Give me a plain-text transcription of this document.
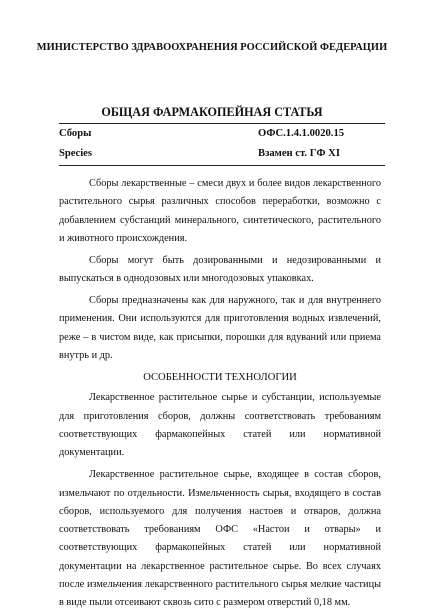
МИНИСТЕРСТВО ЗДРАВООХРАНЕНИЯ РОССИЙСКОЙ ФЕДЕРАЦИИ
ОБЩАЯ ФАРМАКОПЕЙНАЯ СТАТЬЯ
Сборы	ОФС.1.4.1.0020.15
Species	Взамен ст. ГФ XI

Сборы лекарственные – смеси двух и более видов лекарственного растительного сырья различных способов переработки, возможно с добавлением субстанций минерального, синтетического, растительного и животного происхождения.

Сборы могут быть дозированными и недозированными и выпускаться в однодозовых или многодозовых упаковках.

Сборы предназначены как для наружного, так и для внутреннего применения. Они используются для приготовления водных извлечений, реже – в чистом виде, как присыпки, порошки для вдуваний или приема внутрь и др.

ОСОБЕННОСТИ ТЕХНОЛОГИИ

Лекарственное растительное сырье и субстанции, используемые для приготовления сборов, должны соответствовать требованиям соответствующих фармакопейных статей или нормативной документации.

Лекарственное растительное сырье, входящее в состав сборов, измельчают по отдельности. Измельченность сырья, входящего в состав сборов, используемого для получения настоев и отваров, должна соответствовать требованиям ОФС «Настои и отвары» и соответствующих фармакопейных статей или нормативной документации на лекарственное растительное сырье. Во всех случаях после измельчения лекарственного растительного сырья мелкие частицы в виде пыли отсеивают сквозь сито с размером отверстий 0,18 мм.
